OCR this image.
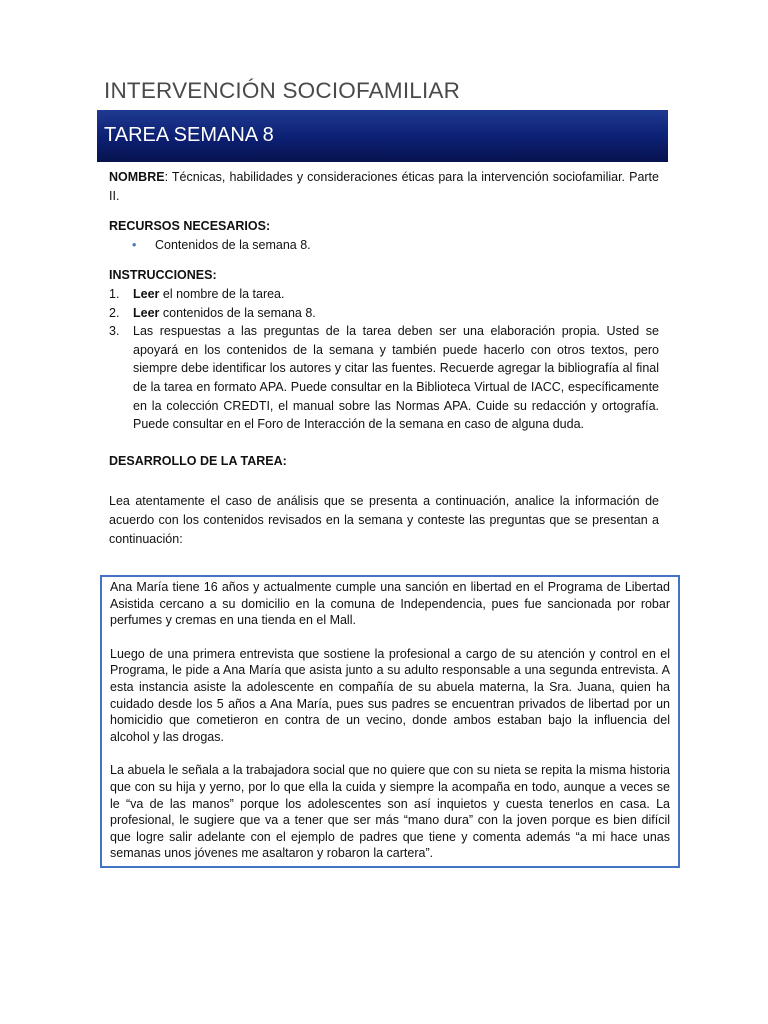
INTERVENCIÓN SOCIOFAMILIAR
TAREA SEMANA 8

NOMBRE: Técnicas, habilidades y consideraciones éticas para la intervención sociofamiliar. Parte II.

RECURSOS NECESARIOS:

• Contenidos de la semana 8.

INSTRUCCIONES:

1. Leer el nombre de la tarea.
2. Leer contenidos de la semana 8.
3. Las respuestas a las preguntas de la tarea deben ser una elaboración propia. Usted se apoyará en los contenidos de la semana y también puede hacerlo con otros textos, pero siempre debe identificar los autores y citar las fuentes. Recuerde agregar la bibliografía al final de la tarea en formato APA. Puede consultar en la Biblioteca Virtual de IACC, específicamente en la colección CREDTI, el manual sobre las Normas APA. Cuide su redacción y ortografía. Puede consultar en el Foro de Interacción de la semana en caso de alguna duda.

DESARROLLO DE LA TAREA:

Lea atentamente el caso de análisis que se presenta a continuación, analice la información de acuerdo con los contenidos revisados en la semana y conteste las preguntas que se presentan a continuación:

Ana María tiene 16 años y actualmente cumple una sanción en libertad en el Programa de Libertad Asistida cercano a su domicilio en la comuna de Independencia, pues fue sancionada por robar perfumes y cremas en una tienda en el Mall.

Luego de una primera entrevista que sostiene la profesional a cargo de su atención y control en el Programa, le pide a Ana María que asista junto a su adulto responsable a una segunda entrevista. A esta instancia asiste la adolescente en compañía de su abuela materna, la Sra. Juana, quien ha cuidado desde los 5 años a Ana María, pues sus padres se encuentran privados de libertad por un homicidio que cometieron en contra de un vecino, donde ambos estaban bajo la influencia del alcohol y las drogas.

La abuela le señala a la trabajadora social que no quiere que con su nieta se repita la misma historia que con su hija y yerno, por lo que ella la cuida y siempre la acompaña en todo, aunque a veces se le “va de las manos” porque los adolescentes son así inquietos y cuesta tenerlos en casa. La profesional, le sugiere que va a tener que ser más “mano dura” con la joven porque es bien difícil que logre salir adelante con el ejemplo de padres que tiene y comenta además “a mi hace unas semanas unos jóvenes me asaltaron y robaron la cartera”.
